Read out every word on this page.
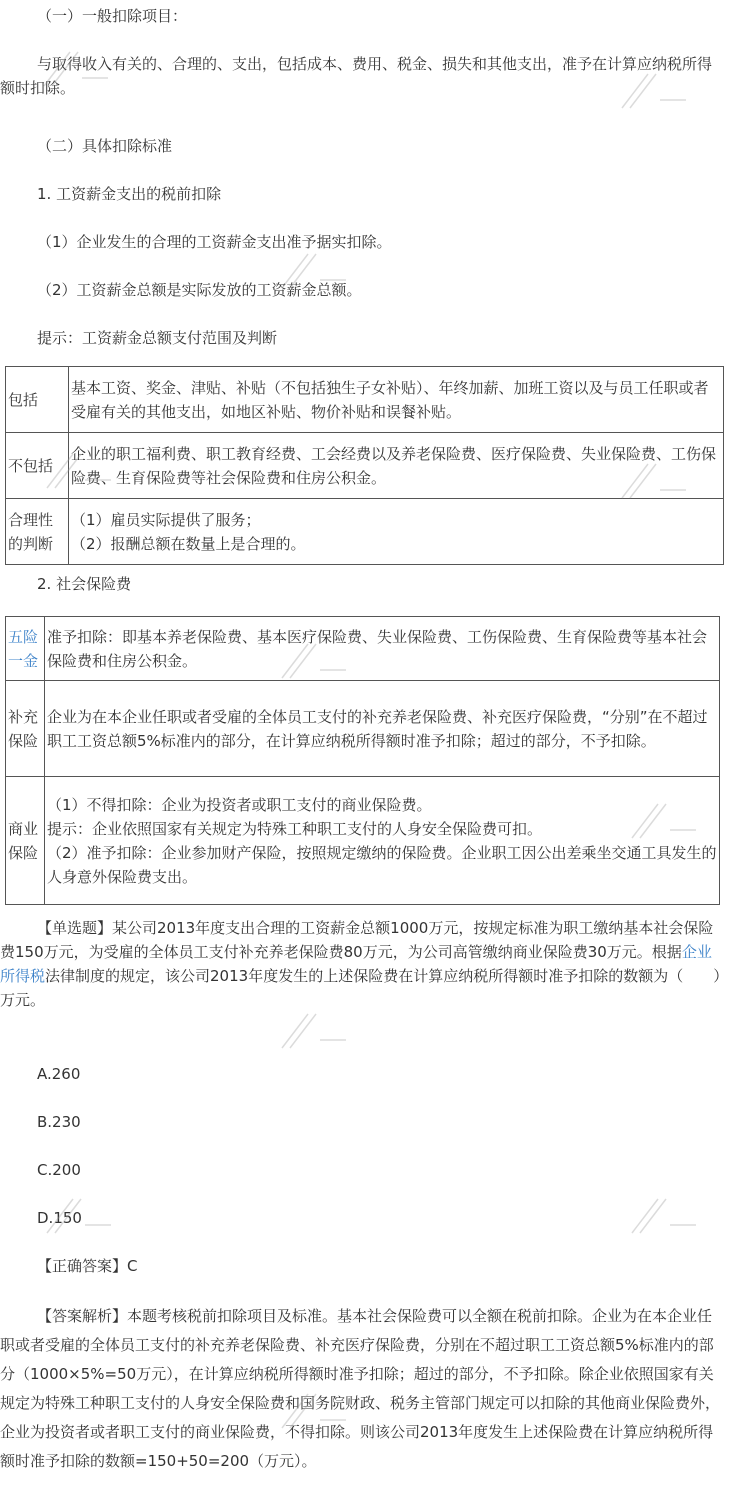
（一）一般扣除项目：
与取得收入有关的、合理的、支出，包括成本、费用、税金、损失和其他支出，准予在计算应纳税所得额时扣除。
（二）具体扣除标准
1. 工资薪金支出的税前扣除
（1）企业发生的合理的工资薪金支出准予据实扣除。
（2）工资薪金总额是实际发放的工资薪金总额。
提示：工资薪金总额支付范围及判断
包括	基本工资、奖金、津贴、补贴（不包括独生子女补贴）、年终加薪、加班工资以及与员工任职或者受雇有关的其他支出，如地区补贴、物价补贴和误餐补贴。
不包括	企业的职工福利费、职工教育经费、工会经费以及养老保险费、医疗保险费、失业保险费、工伤保险费、生育保险费等社会保险费和住房公积金。
合理性的判断	（1）雇员实际提供了服务；
（2）报酬总额在数量上是合理的。
2. 社会保险费
五险一金	准予扣除：即基本养老保险费、基本医疗保险费、失业保险费、工伤保险费、生育保险费等基本社会保险费和住房公积金。
补充保险	企业为在本企业任职或者受雇的全体员工支付的补充养老保险费、补充医疗保险费，“分别”在不超过职工工资总额5%标准内的部分，在计算应纳税所得额时准予扣除；超过的部分，不予扣除。
商业保险	（1）不得扣除：企业为投资者或职工支付的商业保险费。
提示：企业依照国家有关规定为特殊工种职工支付的人身安全保险费可扣。
（2）准予扣除：企业参加财产保险，按照规定缴纳的保险费。企业职工因公出差乘坐交通工具发生的人身意外保险费支出。
【单选题】某公司2013年度支出合理的工资薪金总额1000万元，按规定标准为职工缴纳基本社会保险费150万元，为受雇的全体员工支付补充养老保险费80万元，为公司高管缴纳商业保险费30万元。根据企业所得税法律制度的规定，该公司2013年度发生的上述保险费在计算应纳税所得额时准予扣除的数额为（　　）万元。
A.260
B.230
C.200
D.150
【正确答案】C
【答案解析】本题考核税前扣除项目及标准。基本社会保险费可以全额在税前扣除。企业为在本企业任职或者受雇的全体员工支付的补充养老保险费、补充医疗保险费，分别在不超过职工工资总额5%标准内的部分（1000×5%=50万元），在计算应纳税所得额时准予扣除；超过的部分，不予扣除。除企业依照国家有关规定为特殊工种职工支付的人身安全保险费和国务院财政、税务主管部门规定可以扣除的其他商业保险费外，企业为投资者或者职工支付的商业保险费，不得扣除。则该公司2013年度发生上述保险费在计算应纳税所得额时准予扣除的数额=150+50=200（万元）。
